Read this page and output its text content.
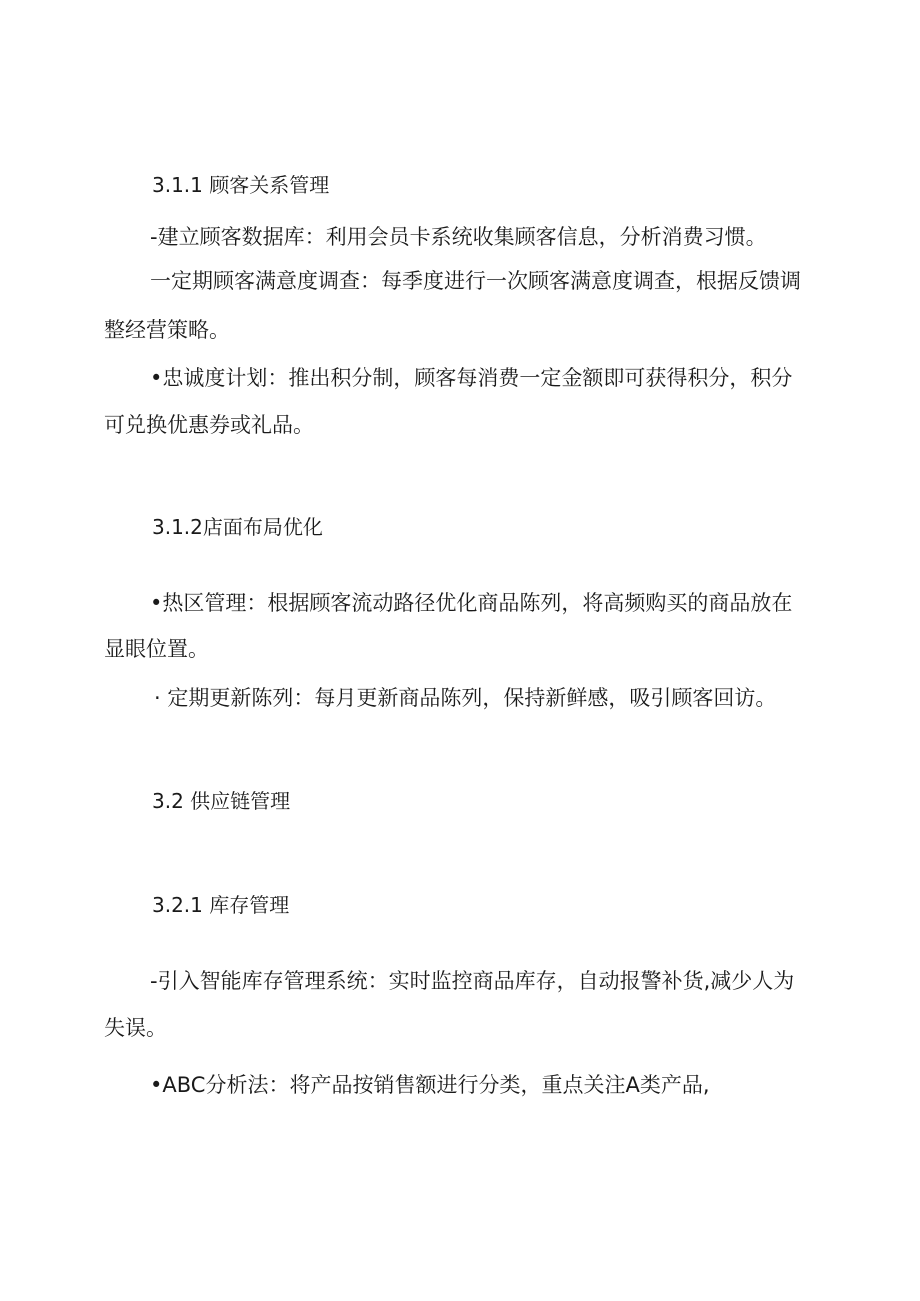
3.1.1 顾客关系管理

-建立顾客数据库：利用会员卡系统收集顾客信息，分析消费习惯。

一定期顾客满意度调查：每季度进行一次顾客满意度调查，根据反馈调

整经营策略。

•忠诚度计划：推出积分制，顾客每消费一定金额即可获得积分，积分

可兑换优惠券或礼品。

3.1.2店面布局优化

•热区管理：根据顾客流动路径优化商品陈列，将高频购买的商品放在

显眼位置。

· 定期更新陈列：每月更新商品陈列，保持新鲜感，吸引顾客回访。

3.2 供应链管理

3.2.1 库存管理

-引入智能库存管理系统：实时监控商品库存，自动报警补货,减少人为

失误。

•ABC分析法：将产品按销售额进行分类，重点关注A类产品,
